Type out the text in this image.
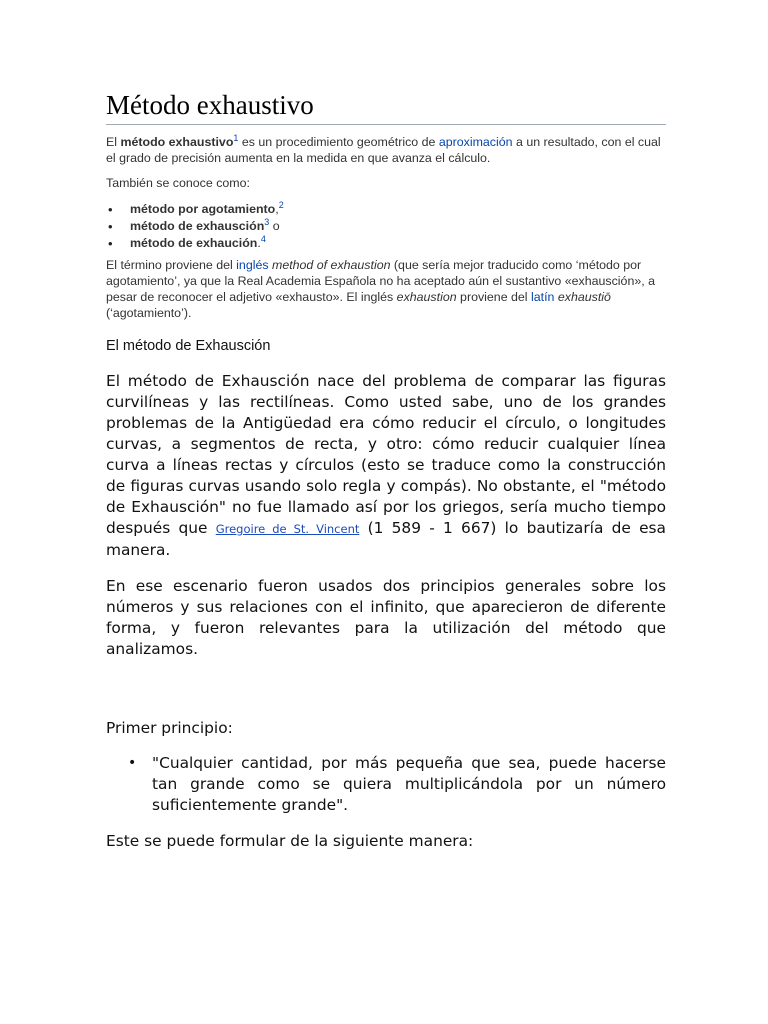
Método exhaustivo

El método exhaustivo$^1$ es un procedimiento geométrico de aproximación a un resultado, con el cual el grado de precisión aumenta en la medida en que avanza el cálculo.

También se conoce como:

• método por agotamiento,$^2$
• método de exhausción$^3$ o
• método de exhaución.$^4$

El término proviene del inglés method of exhaustion (que sería mejor traducido como ‘método por agotamiento’, ya que la Real Academia Española no ha aceptado aún el sustantivo «exhausción», a pesar de reconocer el adjetivo «exhausto». El inglés exhaustion proviene del latín exhaustiō (‘agotamiento’).

El método de Exhausción

El método de Exhausción nace del problema de comparar las figuras curvilíneas y las rectilíneas. Como usted sabe, uno de los grandes problemas de la Antigüedad era cómo reducir el círculo, o longitudes curvas, a segmentos de recta, y otro: cómo reducir cualquier línea curva a líneas rectas y círculos (esto se traduce como la construcción de figuras curvas usando solo regla y compás). No obstante, el "método de Exhausción" no fue llamado así por los griegos, sería mucho tiempo después que Gregoire de St. Vincent (1 589 - 1 667) lo bautizaría de esa manera.

En ese escenario fueron usados dos principios generales sobre los números y sus relaciones con el infinito, que aparecieron de diferente forma, y fueron relevantes para la utilización del método que analizamos.

Primer principio:

• "Cualquier cantidad, por más pequeña que sea, puede hacerse tan grande como se quiera multiplicándola por un número suficientemente grande".

Este se puede formular de la siguiente manera:
